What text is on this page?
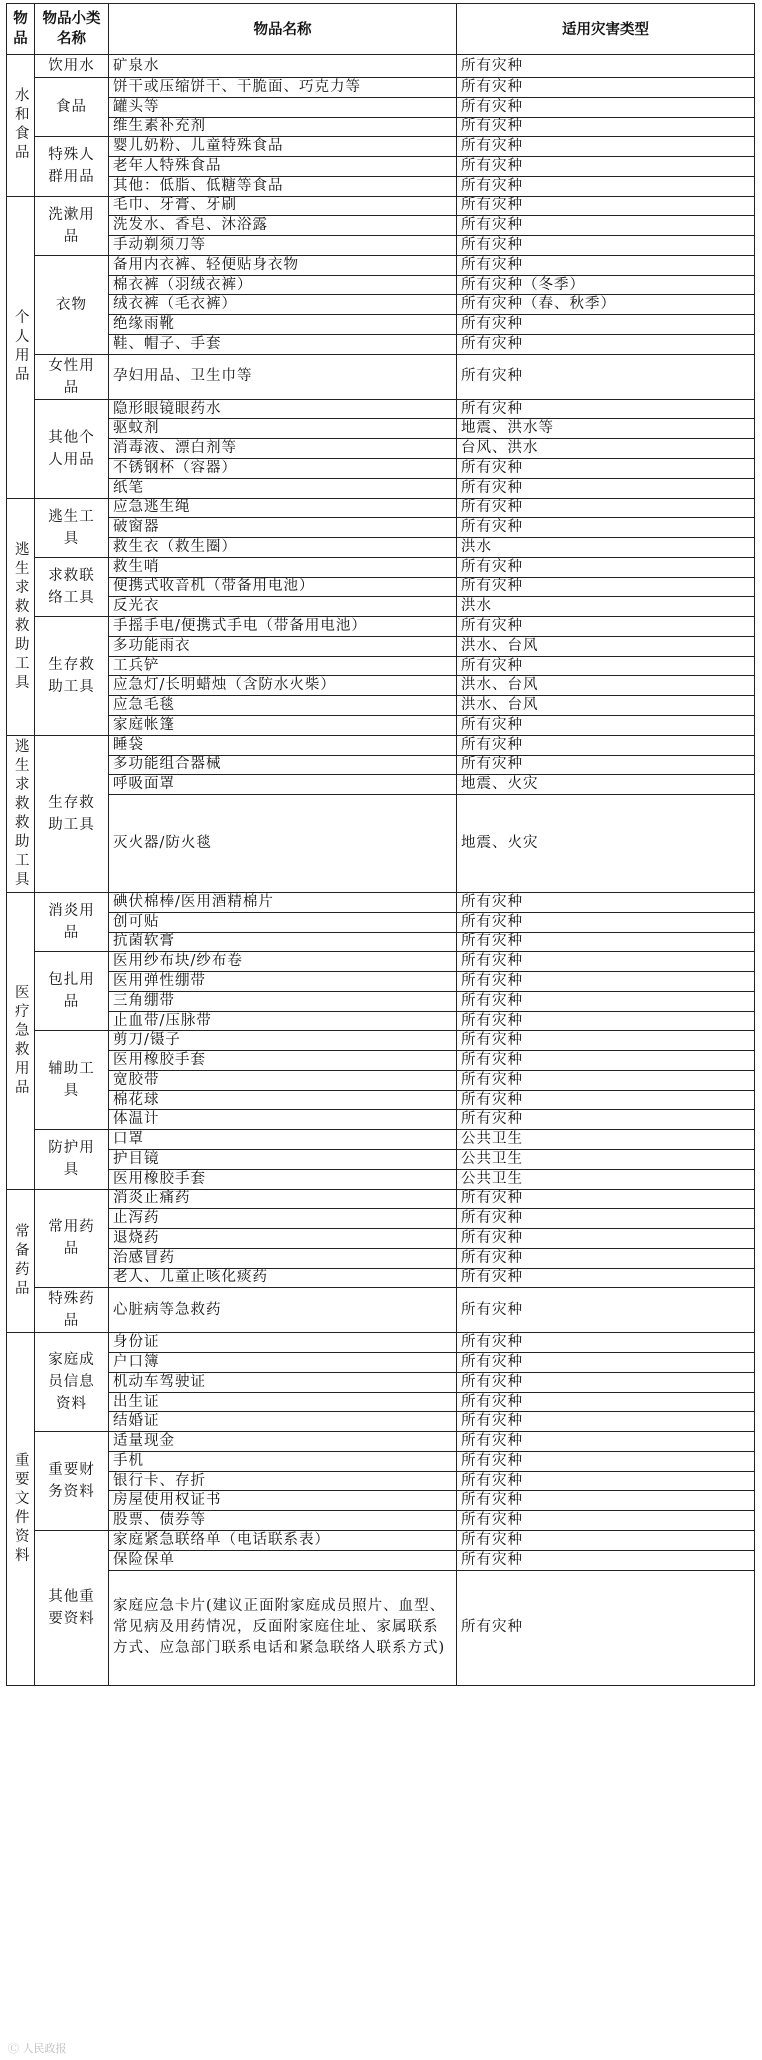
物品	物品小类名称	物品名称	适用灾害类型
水和食品	饮用水	矿泉水	所有灾种
	食品	饼干或压缩饼干、干脆面、巧克力等	所有灾种
		罐头等	所有灾种
		维生素补充剂	所有灾种
	特殊人群用品	婴儿奶粉、儿童特殊食品	所有灾种
		老年人特殊食品	所有灾种
		其他：低脂、低糖等食品	所有灾种
个人用品	洗漱用品	毛巾、牙膏、牙刷	所有灾种
		洗发水、香皂、沐浴露	所有灾种
		手动剃须刀等	所有灾种
	衣物	备用内衣裤、轻便贴身衣物	所有灾种
		棉衣裤（羽绒衣裤）	所有灾种（冬季）
		绒衣裤（毛衣裤）	所有灾种（春、秋季）
		绝缘雨靴	所有灾种
		鞋、帽子、手套	所有灾种
	女性用品	孕妇用品、卫生巾等	所有灾种
	其他个人用品	隐形眼镜眼药水	所有灾种
		驱蚊剂	地震、洪水等
		消毒液、漂白剂等	台风、洪水
		不锈钢杯（容器）	所有灾种
		纸笔	所有灾种
逃生求救救助工具	逃生工具	应急逃生绳	所有灾种
		破窗器	所有灾种
		救生衣（救生圈）	洪水
	求救联络工具	救生哨	所有灾种
		便携式收音机（带备用电池）	所有灾种
		反光衣	洪水
	生存救助工具	手摇手电/便携式手电（带备用电池）	所有灾种
		多功能雨衣	洪水、台风
		工兵铲	所有灾种
		应急灯/长明蜡烛（含防水火柴）	洪水、台风
		应急毛毯	洪水、台风
		家庭帐篷	所有灾种
逃生求救救助工具	生存救助工具	睡袋	所有灾种
		多功能组合器械	所有灾种
		呼吸面罩	地震、火灾
		灭火器/防火毯	地震、火灾
医疗急救用品	消炎用品	碘伏棉棒/医用酒精棉片	所有灾种
		创可贴	所有灾种
		抗菌软膏	所有灾种
	包扎用品	医用纱布块/纱布卷	所有灾种
		医用弹性绷带	所有灾种
		三角绷带	所有灾种
		止血带/压脉带	所有灾种
	辅助工具	剪刀/镊子	所有灾种
		医用橡胶手套	所有灾种
		宽胶带	所有灾种
		棉花球	所有灾种
		体温计	所有灾种
	防护用具	口罩	公共卫生
		护目镜	公共卫生
		医用橡胶手套	公共卫生
常备药品	常用药品	消炎止痛药	所有灾种
		止泻药	所有灾种
		退烧药	所有灾种
		治感冒药	所有灾种
		老人、儿童止咳化痰药	所有灾种
	特殊药品	心脏病等急救药	所有灾种
重要文件资料	家庭成员信息资料	身份证	所有灾种
		户口簿	所有灾种
		机动车驾驶证	所有灾种
		出生证	所有灾种
		结婚证	所有灾种
	重要财务资料	适量现金	所有灾种
		手机	所有灾种
		银行卡、存折	所有灾种
		房屋使用权证书	所有灾种
		股票、债券等	所有灾种
	其他重要资料	家庭紧急联络单（电话联系表）	所有灾种
		保险保单	所有灾种
		家庭应急卡片(建议正面附家庭成员照片、血型、常见病及用药情况，反面附家庭住址、家属联系方式、应急部门联系电话和紧急联络人联系方式)	所有灾种
Ⓒ 人民政报
